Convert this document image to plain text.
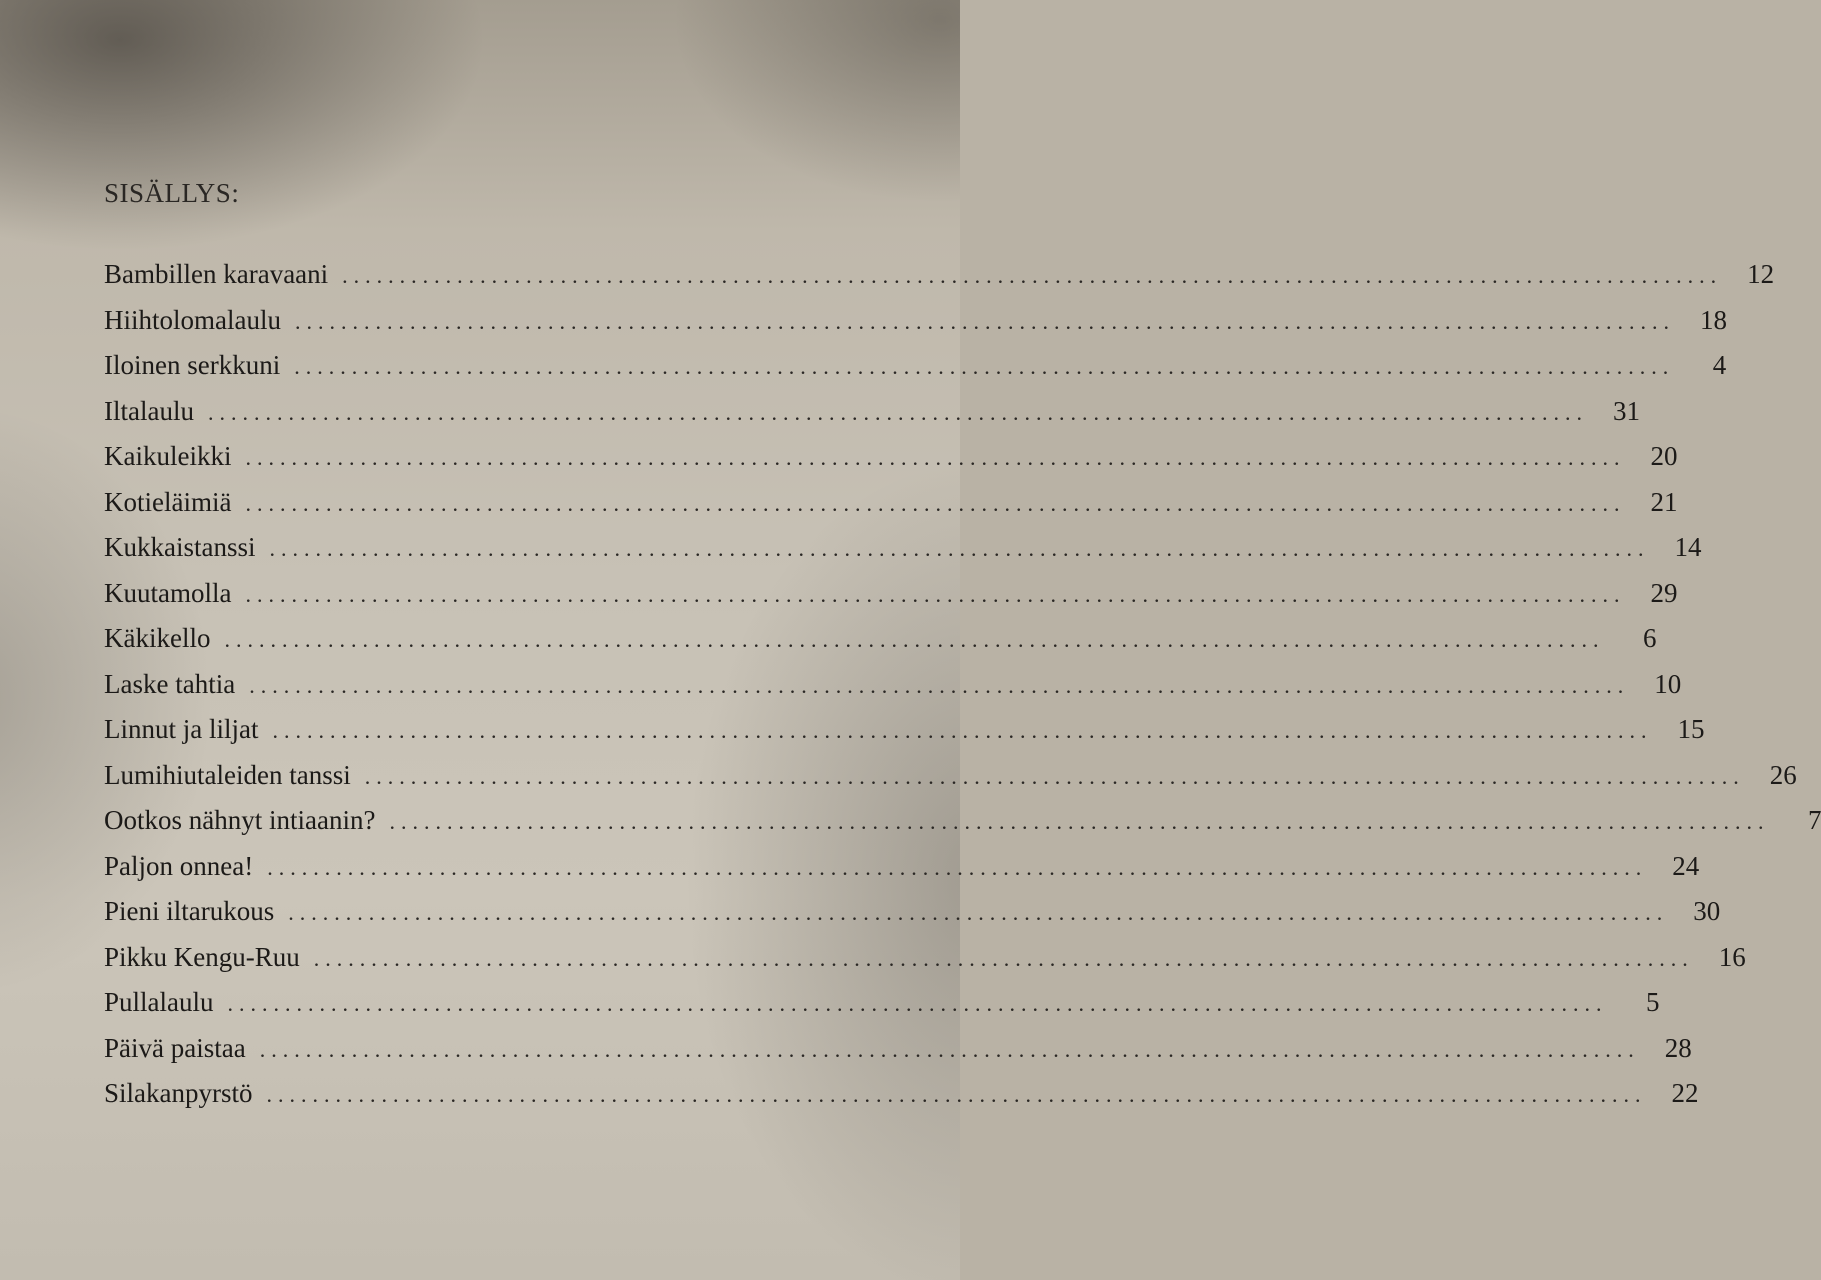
SISÄLLYS:
Bambillen karavaani ........................................................................................................................ 12
Hiihtolomalaulu ........................................................................................................................ 18
Iloinen serkkuni ........................................................................................................................	4
Iltalaulu ........................................................................................................................ 31
Kaikuleikki ........................................................................................................................ 20
Kotieläimiä ........................................................................................................................ 21
Kukkaistanssi ........................................................................................................................ 14
Kuutamolla ........................................................................................................................ 29
Käkikello ........................................................................................................................	6
Laske tahtia ........................................................................................................................ 10
Linnut ja liljat ........................................................................................................................ 15
Lumihiutaleiden tanssi ........................................................................................................................ 26
Ootkos nähnyt intiaanin? ........................................................................................................................	7
Paljon onnea! ........................................................................................................................ 24
Pieni iltarukous ........................................................................................................................ 30
Pikku Kengu-Ruu ........................................................................................................................ 16
Pullalaulu ........................................................................................................................	5
Päivä paistaa ........................................................................................................................ 28
Silakanpyrstö ........................................................................................................................ 22
